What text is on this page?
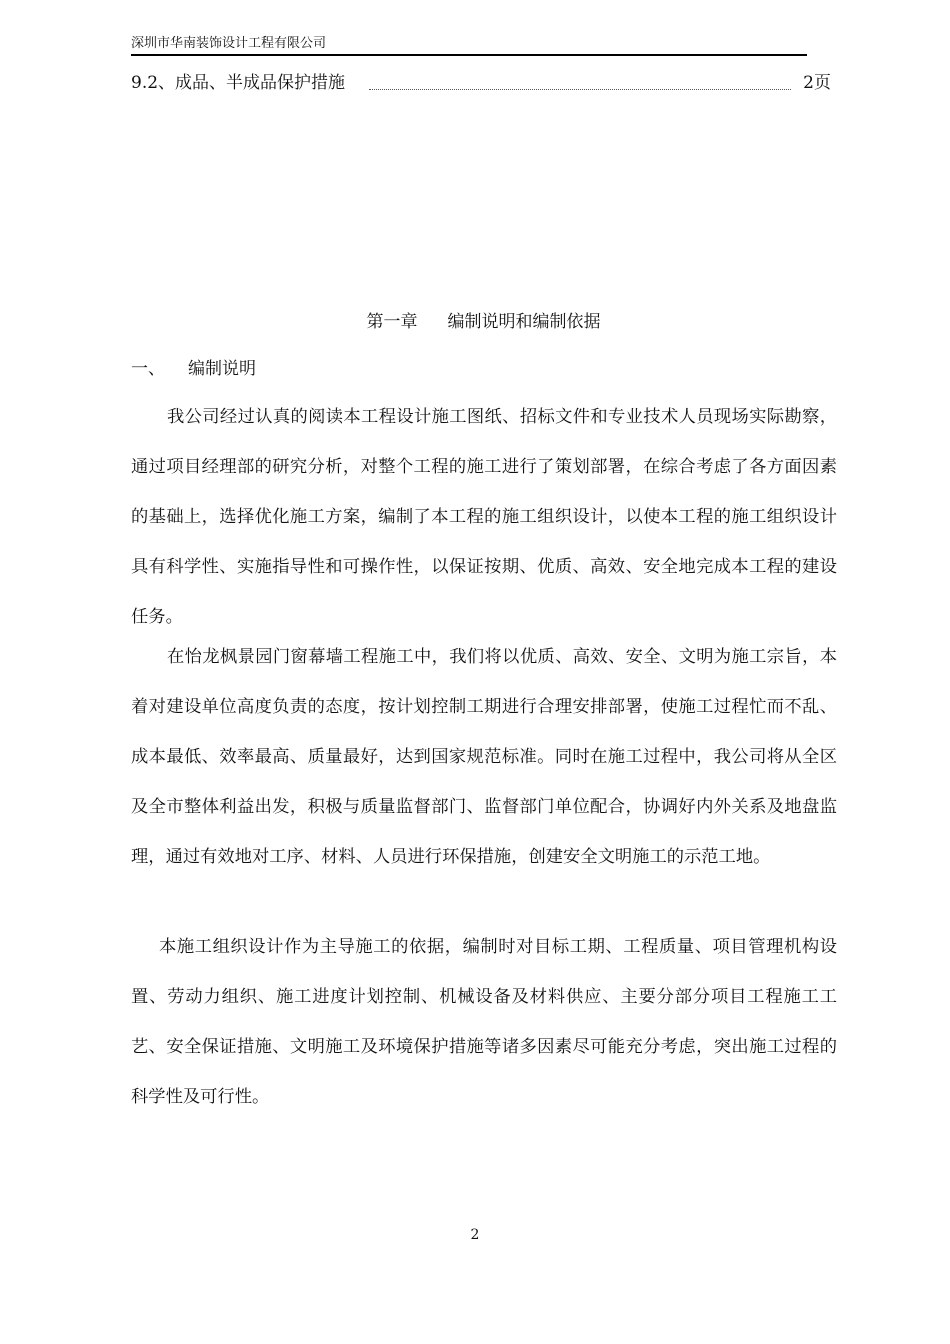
深圳市华南装饰设计工程有限公司
9.2、成品、半成品保护措施	2页
第一章 编制说明和编制依据
一、 编制说明

我公司经过认真的阅读本工程设计施工图纸、招标文件和专业技术人员现场实际勘察，通过项目经理部的研究分析，对整个工程的施工进行了策划部署，在综合考虑了各方面因素的基础上，选择优化施工方案，编制了本工程的施工组织设计，以使本工程的施工组织设计具有科学性、实施指导性和可操作性，以保证按期、优质、高效、安全地完成本工程的建设任务。

在怡龙枫景园门窗幕墙工程施工中，我们将以优质、高效、安全、文明为施工宗旨，本着对建设单位高度负责的态度，按计划控制工期进行合理安排部署，使施工过程忙而不乱、成本最低、效率最高、质量最好，达到国家规范标准。同时在施工过程中，我公司将从全区及全市整体利益出发，积极与质量监督部门、监督部门单位配合，协调好内外关系及地盘监理，通过有效地对工序、材料、人员进行环保措施，创建安全文明施工的示范工地。

本施工组织设计作为主导施工的依据，编制时对目标工期、工程质量、项目管理机构设置、劳动力组织、施工进度计划控制、机械设备及材料供应、主要分部分项目工程施工工艺、安全保证措施、文明施工及环境保护措施等诸多因素尽可能充分考虑，突出施工过程的科学性及可行性。

2
